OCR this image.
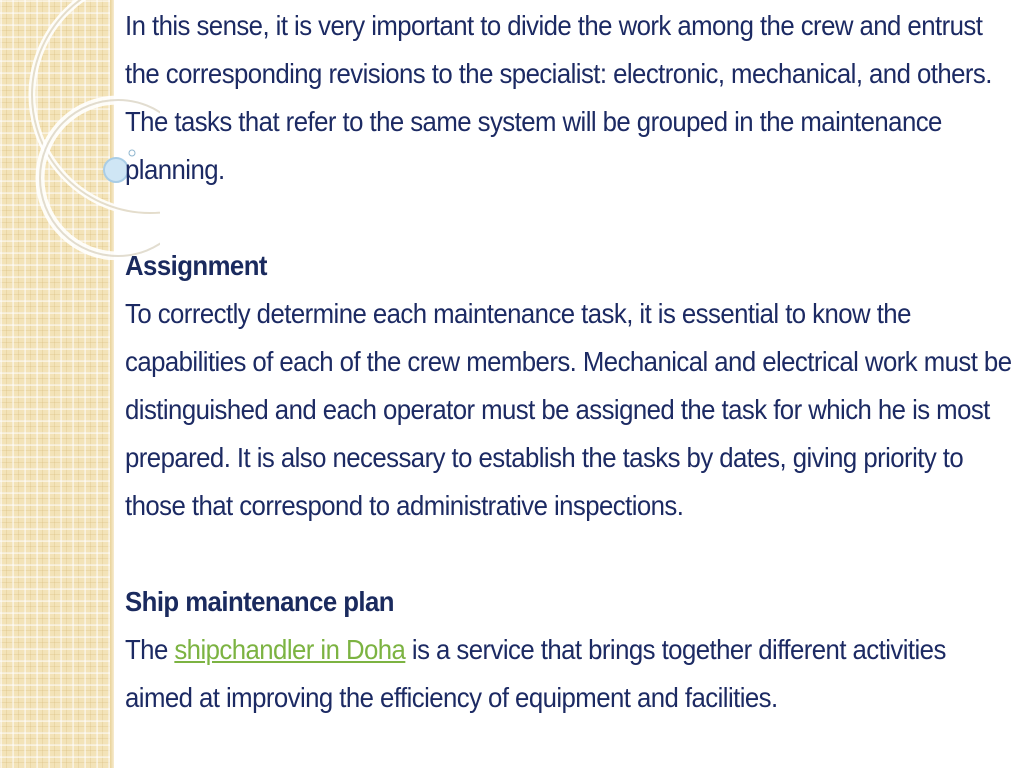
In this sense, it is very important to divide the work among the crew and entrust the corresponding revisions to the specialist: electronic, mechanical, and others. The tasks that refer to the same system will be grouped in the maintenance planning.

Assignment

To correctly determine each maintenance task, it is essential to know the capabilities of each of the crew members. Mechanical and electrical work must be distinguished and each operator must be assigned the task for which he is most prepared. It is also necessary to establish the tasks by dates, giving priority to those that correspond to administrative inspections.

Ship maintenance plan

The shipchandler in Doha is a service that brings together different activities aimed at improving the efficiency of equipment and facilities.
